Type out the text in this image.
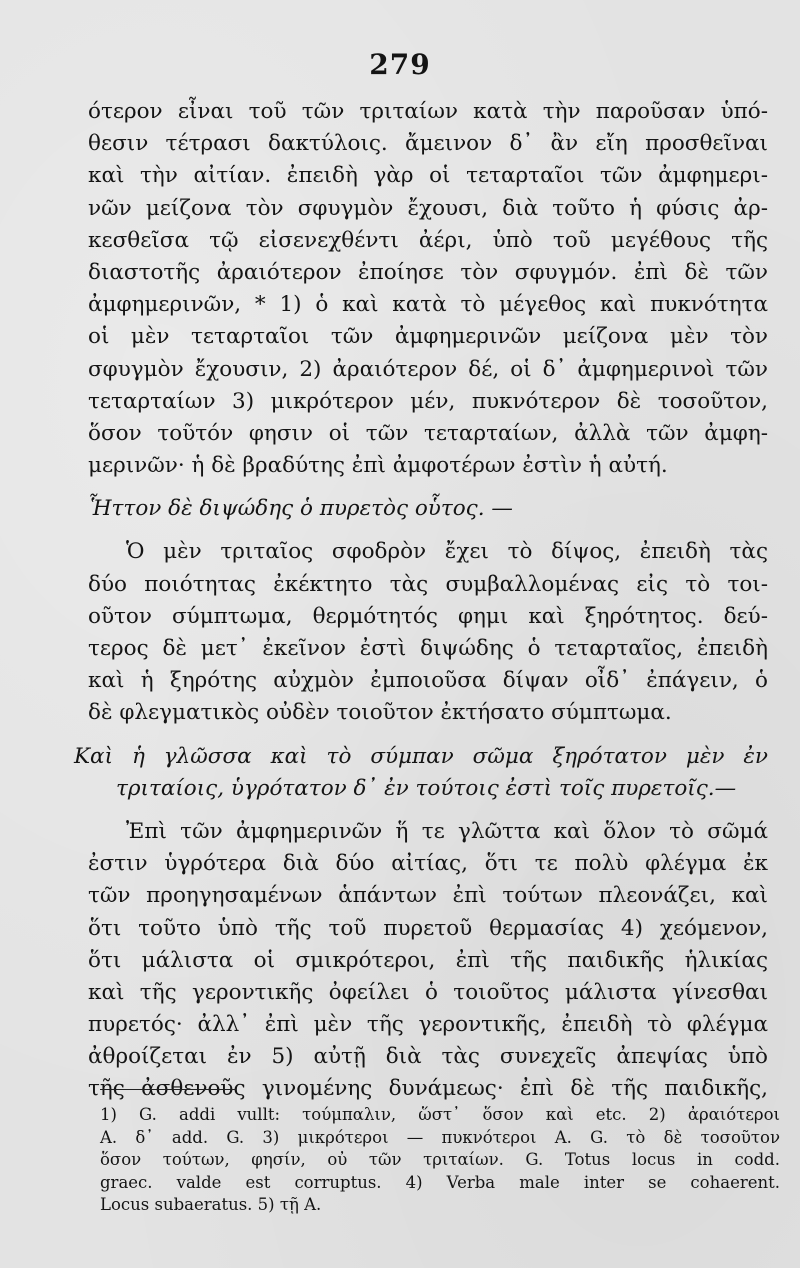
279
ότερον εἶναι τοῦ τῶν τριταίων κατὰ τὴν παροῦσαν ὑπό-
θεσιν τέτρασι δακτύλοις. ἄμεινον δ᾽ ἂν εἴη προσθεῖναι
καὶ τὴν αἰτίαν. ἐπειδὴ γὰρ οἱ τεταρταῖοι τῶν ἀμφημερι-
νῶν μείζονα τὸν σφυγμὸν ἔχουσι, διὰ τοῦτο ἡ φύσις ἀρ-
κεσθεῖσα τῷ εἰσενεχθέντι ἀέρι, ὑπὸ τοῦ μεγέθους τῆς
διαστοτῆς ἀραιότερον ἐποίησε τὸν σφυγμόν. ἐπὶ δὲ τῶν
ἀμφημερινῶν, * 1) ὁ καὶ κατὰ τὸ μέγεθος καὶ πυκνότητα
οἱ μὲν τεταρταῖοι τῶν ἀμφημερινῶν μείζονα μὲν τὸν
σφυγμὸν ἔχουσιν, 2) ἀραιότερον δέ, οἱ δ᾽ ἀμφημερινοὶ τῶν
τεταρταίων 3) μικρότερον μέν, πυκνότερον δὲ τοσοῦτον,
ὅσον τοῦτόν φησιν οἱ τῶν τεταρταίων, ἀλλὰ τῶν ἀμφη-
μερινῶν· ἡ δὲ βραδύτης ἐπὶ ἀμφοτέρων ἐστὶν ἡ αὐτή.
Ἧττον δὲ διψώδης ὁ πυρετὸς οὗτος. —
Ὁ μὲν τριταῖος σφοδρὸν ἔχει τὸ δίψος, ἐπειδὴ τὰς
δύο ποιότητας ἐκέκτητο τὰς συμβαλλομένας εἰς τὸ τοι-
οῦτον σύμπτωμα, θερμότητός φημι καὶ ξηρότητος. δεύ-
τερος δὲ μετ᾽ ἐκεῖνον ἐστὶ διψώδης ὁ τεταρταῖος, ἐπειδὴ
καὶ ἡ ξηρότης αὐχμὸν ἐμποιοῦσα δίψαν οἶδ᾽ ἐπάγειν, ὁ
δὲ φλεγματικὸς οὐδὲν τοιοῦτον ἐκτήσατο σύμπτωμα.
Καὶ ἡ γλῶσσα καὶ τὸ σύμπαν σῶμα ξηρότατον μὲν ἐν
τριταίοις, ὑγρότατον δ᾽ ἐν τούτοις ἐστὶ τοῖς πυρετοῖς.—
Ἐπὶ τῶν ἀμφημερινῶν ἥ τε γλῶττα καὶ ὅλον τὸ σῶμά
ἐστιν ὑγρότερα διὰ δύο αἰτίας, ὅτι τε πολὺ φλέγμα ἐκ
τῶν προηγησαμένων ἁπάντων ἐπὶ τούτων πλεονάζει, καὶ
ὅτι τοῦτο ὑπὸ τῆς τοῦ πυρετοῦ θερμασίας 4) χεόμενον,
ὅτι μάλιστα οἱ σμικρότεροι, ἐπὶ τῆς παιδικῆς ἡλικίας
καὶ τῆς γεροντικῆς ὀφείλει ὁ τοιοῦτος μάλιστα γίνεσθαι
πυρετός· ἀλλ᾽ ἐπὶ μὲν τῆς γεροντικῆς, ἐπειδὴ τὸ φλέγμα
ἀθροίζεται ἐν 5) αὐτῇ διὰ τὰς συνεχεῖς ἀπεψίας ὑπὸ
τῆς ἀσθενοῦς γινομένης δυνάμεως· ἐπὶ δὲ τῆς παιδικῆς,
1) G. addi vullt: τούμπαλιν, ὥστ᾽ ὅσον καὶ etc. 2) ἀραιότεροι
A. δ᾽ add. G. 3) μικρότεροι — πυκνότεροι A. G. τὸ δὲ τοσοῦτον
ὅσον τούτων, φησίν, οὐ τῶν τριταίων. G. Totus locus in codd.
graec. valde est corruptus. 4) Verba male inter se cohaerent.
Locus subaeratus. 5) τῇ A.
